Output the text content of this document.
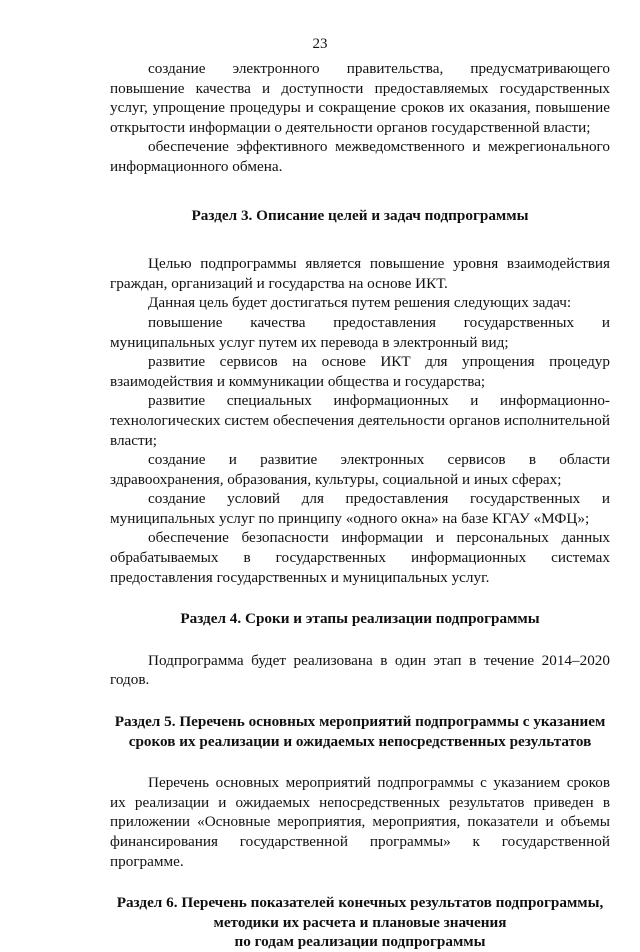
23

создание электронного правительства, предусматривающего повышение качества и доступности предоставляемых государственных услуг, упрощение процедуры и сокращение сроков их оказания, повышение открытости информации о деятельности органов государственной власти;

обеспечение эффективного межведомственного и межрегионального информационного обмена.

Раздел 3. Описание целей и задач подпрограммы

Целью подпрограммы является повышение уровня взаимодействия граждан, организаций и государства на основе ИКТ.

Данная цель будет достигаться путем решения следующих задач:

повышение качества предоставления государственных и муниципальных услуг путем их перевода в электронный вид;

развитие сервисов на основе ИКТ для упрощения процедур взаимодействия и коммуникации общества и государства;

развитие специальных информационных и информационно-технологических систем обеспечения деятельности органов исполнительной власти;

создание и развитие электронных сервисов в области здравоохранения, образования, культуры, социальной и иных сферах;

создание условий для предоставления государственных и муниципальных услуг по принципу «одного окна» на базе КГАУ «МФЦ»;

обеспечение безопасности информации и персональных данных обрабатываемых в государственных информационных системах предоставления государственных и муниципальных услуг.

Раздел 4. Сроки и этапы реализации подпрограммы

Подпрограмма будет реализована в один этап в течение 2014–2020 годов.

Раздел 5. Перечень основных мероприятий подпрограммы с указанием
сроков их реализации и ожидаемых непосредственных результатов

Перечень основных мероприятий подпрограммы с указанием сроков их реализации и ожидаемых непосредственных результатов приведен в приложении «Основные мероприятия, мероприятия, показатели и объемы финансирования государственной программы» к государственной программе.

Раздел 6. Перечень показателей конечных результатов подпрограммы,
методики их расчета и плановые значения
по годам реализации подпрограммы
